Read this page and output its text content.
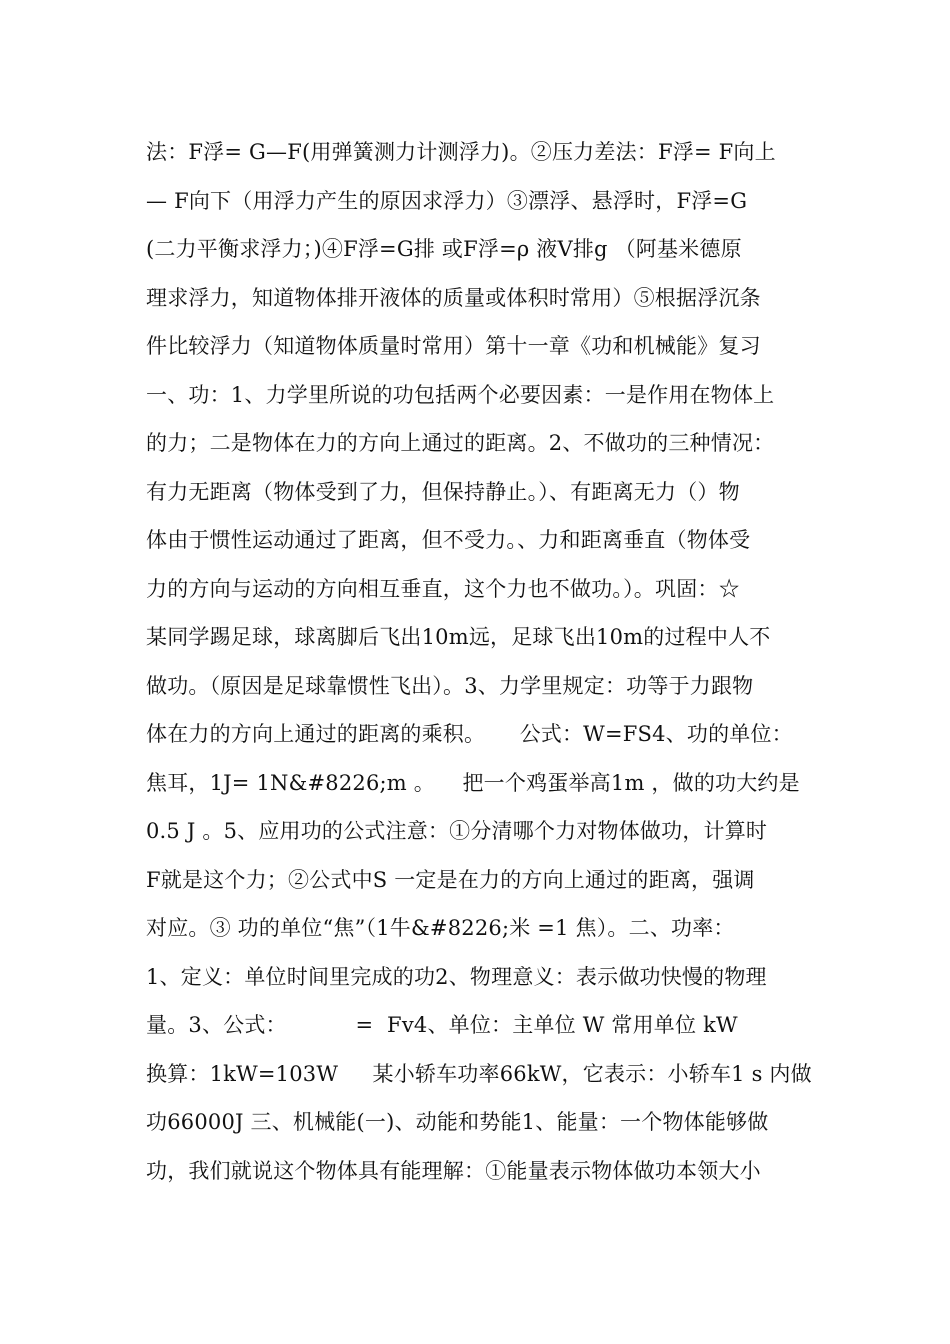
法：F浮= G—F(用弹簧测力计测浮力)。②压力差法：F浮= F向上
— F向下（用浮力产生的原因求浮力）③漂浮、悬浮时，F浮=G
(二力平衡求浮力；)④F浮=G排 或F浮=ρ 液V排g （阿基米德原
理求浮力，知道物体排开液体的质量或体积时常用）⑤根据浮沉条
件比较浮力（知道物体质量时常用）第十一章《功和机械能》复习
一、功：1、力学里所说的功包括两个必要因素：一是作用在物体上
的力；二是物体在力的方向上通过的距离。2、不做功的三种情况：
有力无距离（物体受到了力，但保持静止。）、有距离无力（）物
体由于惯性运动通过了距离，但不受力。、力和距离垂直（物体受
力的方向与运动的方向相互垂直，这个力也不做功。）。巩固：☆
某同学踢足球，球离脚后飞出10m远，足球飞出10m的过程中人不
做功。（原因是足球靠惯性飞出）。3、力学里规定：功等于力跟物
体在力的方向上通过的距离的乘积。     公式：W=FS4、功的单位：
焦耳，1J= 1N&#8226;m 。    把一个鸡蛋举高1m ，做的功大约是
0.5 J 。5、应用功的公式注意：①分清哪个力对物体做功，计算时
F就是这个力；②公式中S 一定是在力的方向上通过的距离，强调
对应。③ 功的单位“焦”（1牛&#8226;米 =1 焦）。二、功率：
1、定义：单位时间里完成的功2、物理意义：表示做功快慢的物理
量。3、公式：          =  Fv4、单位：主单位 W 常用单位 kW
换算：1kW=103W     某小轿车功率66kW，它表示：小轿车1 s 内做
功66000J 三、机械能(一)、动能和势能1、能量：一个物体能够做
功，我们就说这个物体具有能理解：①能量表示物体做功本领大小
